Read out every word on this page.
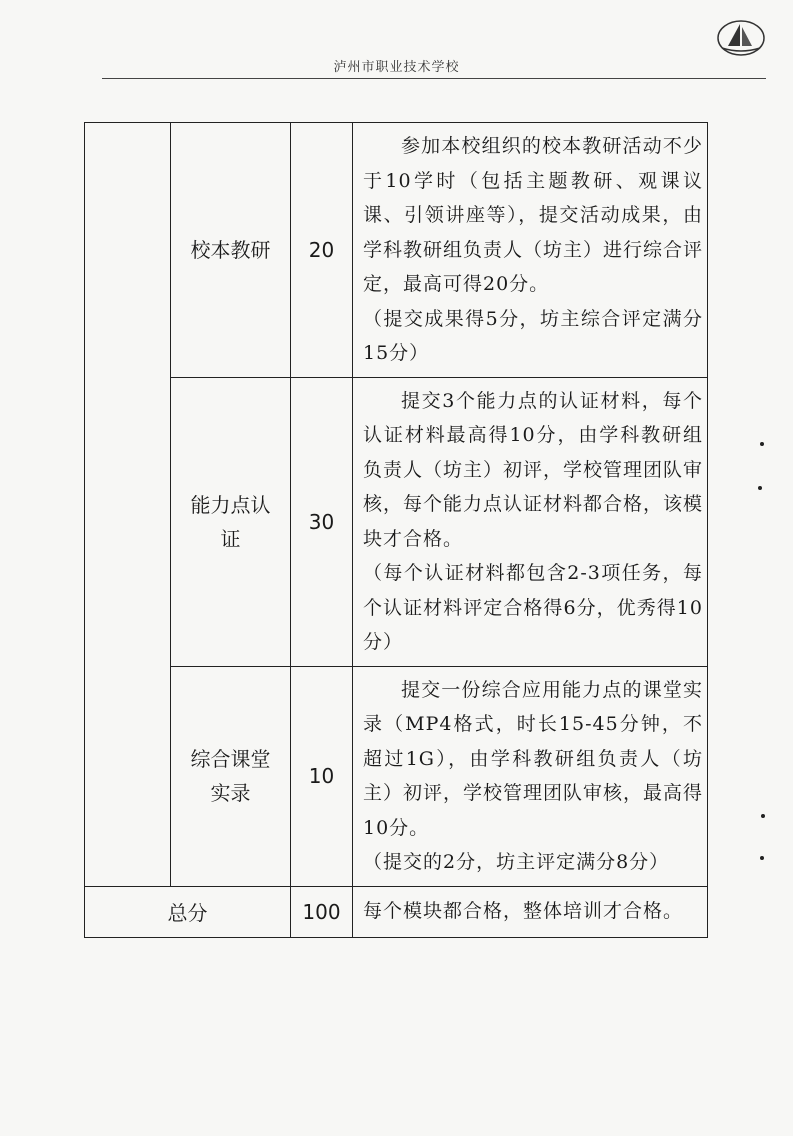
泸州市职业技术学校
	校本教研	20	参加本校组织的校本教研活动不少于10学时（包括主题教研、观课议课、引领讲座等），提交活动成果，由学科教研组负责人（坊主）进行综合评定，最高可得20分。

（提交成果得5分，坊主综合评定满分15分）

	能力点认证	30	提交3个能力点的认证材料，每个认证材料最高得10分，由学科教研组负责人（坊主）初评，学校管理团队审核，每个能力点认证材料都合格，该模块才合格。

（每个认证材料都包含2-3项任务，每个认证材料评定合格得6分，优秀得10分）

	综合课堂实录	10	提交一份综合应用能力点的课堂实录（MP4格式，时长15-45分钟，不超过1G），由学科教研组负责人（坊主）初评，学校管理团队审核，最高得10分。

（提交的2分，坊主评定满分8分）

总分		100	每个模块都合格，整体培训才合格。
